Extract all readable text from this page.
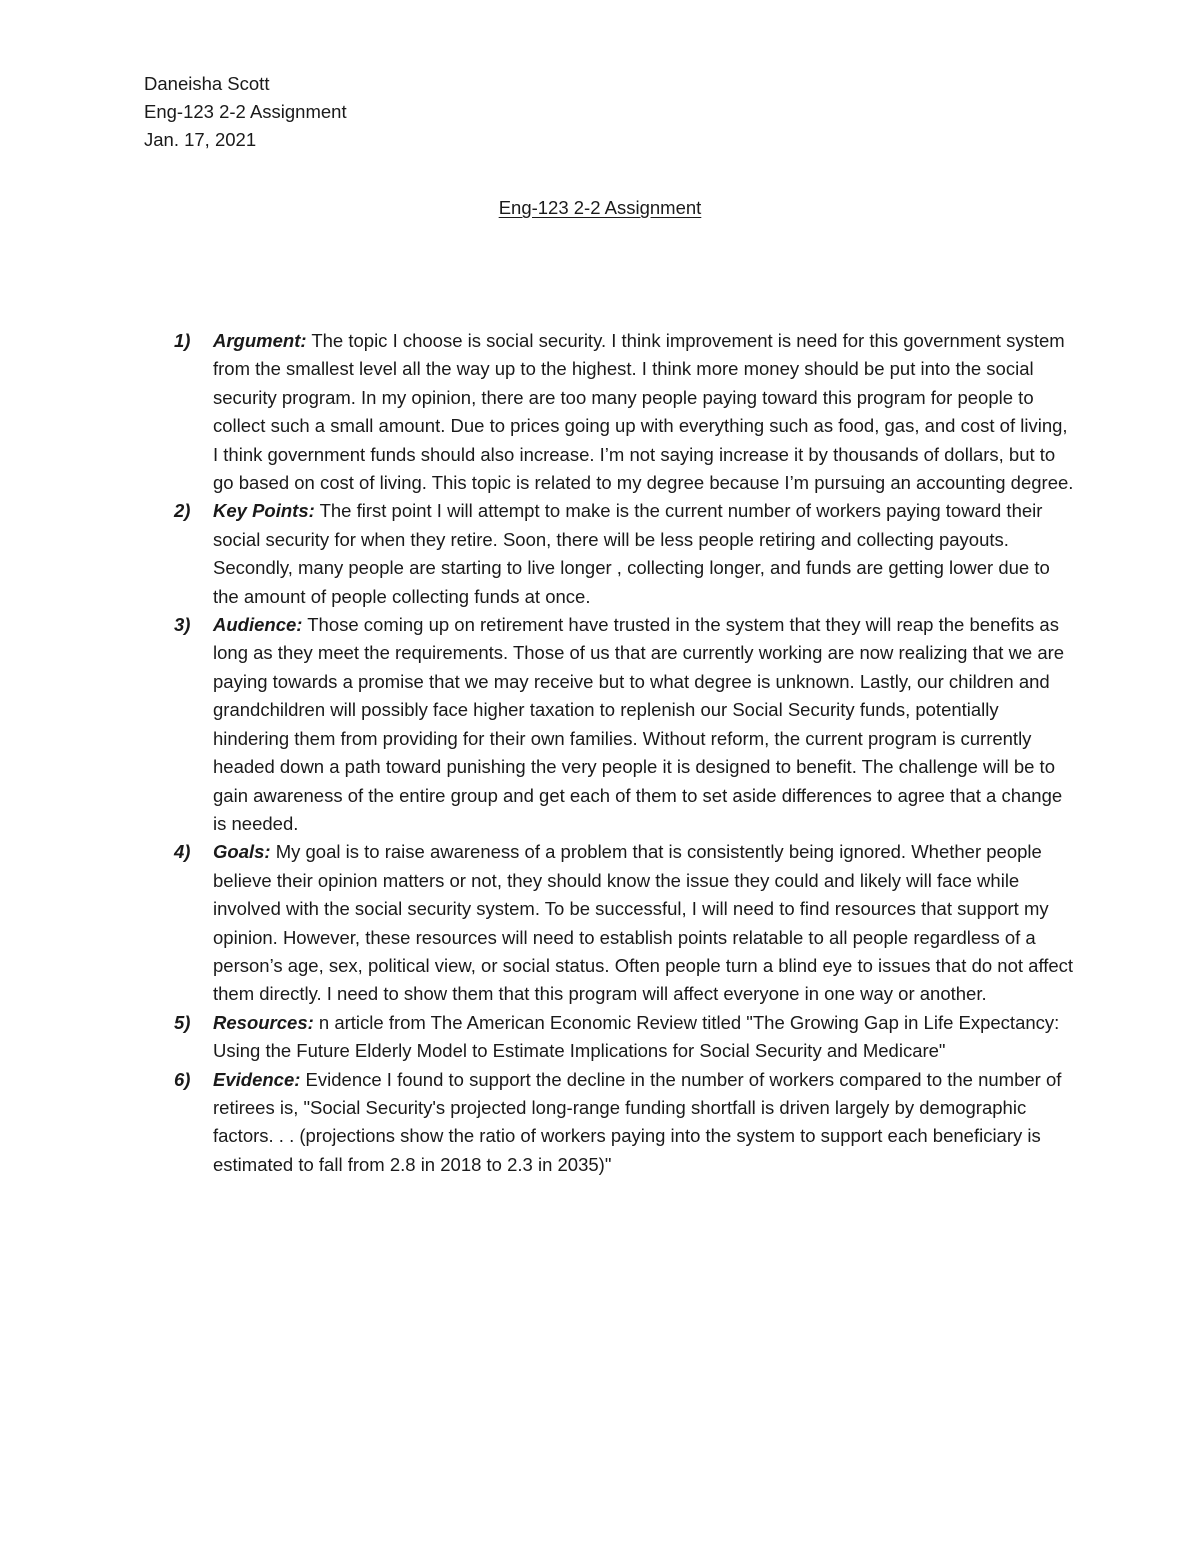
Daneisha Scott
Eng-123 2-2 Assignment
Jan. 17, 2021
Eng-123 2-2 Assignment
1) Argument: The topic I choose is social security. I think improvement is need for this government system from the smallest level all the way up to the highest. I think more money should be put into the social security program. In my opinion, there are too many people paying toward this program for people to collect such a small amount. Due to prices going up with everything such as food, gas, and cost of living, I think government funds should also increase. I’m not saying increase it by thousands of dollars, but to go based on cost of living. This topic is related to my degree because I’m pursuing an accounting degree.
2) Key Points: The first point I will attempt to make is the current number of workers paying toward their social security for when they retire. Soon, there will be less people retiring and collecting payouts. Secondly, many people are starting to live longer , collecting longer, and funds are getting lower due to the amount of people collecting funds at once.
3) Audience: Those coming up on retirement have trusted in the system that they will reap the benefits as long as they meet the requirements. Those of us that are currently working are now realizing that we are paying towards a promise that we may receive but to what degree is unknown. Lastly, our children and grandchildren will possibly face higher taxation to replenish our Social Security funds, potentially hindering them from providing for their own families. Without reform, the current program is currently headed down a path toward punishing the very people it is designed to benefit. The challenge will be to gain awareness of the entire group and get each of them to set aside differences to agree that a change is needed.
4) Goals: My goal is to raise awareness of a problem that is consistently being ignored. Whether people believe their opinion matters or not, they should know the issue they could and likely will face while involved with the social security system. To be successful, I will need to find resources that support my opinion. However, these resources will need to establish points relatable to all people regardless of a person’s age, sex, political view, or social status. Often people turn a blind eye to issues that do not affect them directly. I need to show them that this program will affect everyone in one way or another.
5) Resources: n article from The American Economic Review titled "The Growing Gap in Life Expectancy: Using the Future Elderly Model to Estimate Implications for Social Security and Medicare"
6) Evidence: Evidence I found to support the decline in the number of workers compared to the number of retirees is, "Social Security's projected long-range funding shortfall is driven largely by demographic factors. . . (projections show the ratio of workers paying into the system to support each beneficiary is estimated to fall from 2.8 in 2018 to 2.3 in 2035)"
